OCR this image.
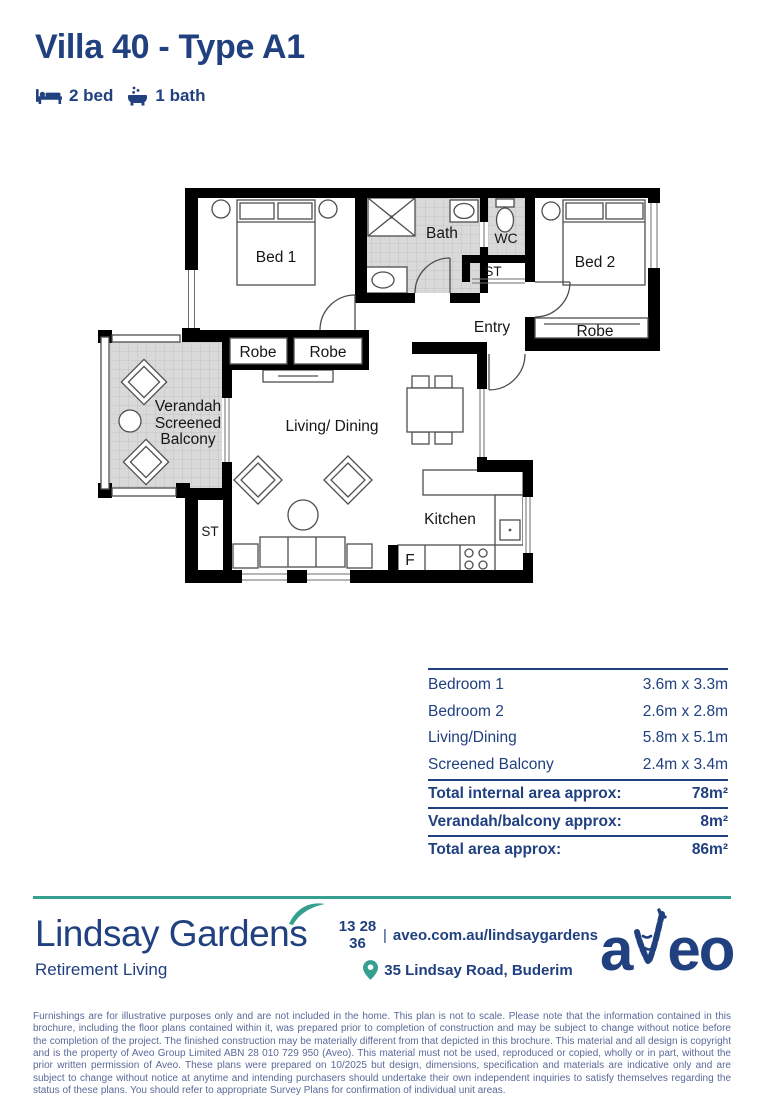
Villa 40 - Type A1
2 bed 1 bath
Bed 1
Bath	WC
ST
Bed 2
Entry	Robe
Robe Robe
Verandah
Screened
Balcony
Living/ Dining
Kitchen
ST
F
Bedroom 1	3.6m x 3.3m
Bedroom 2	2.6m x 2.8m
Living/Dining	5.8m x 5.1m
Screened Balcony	2.4m x 3.4m
Total internal area approx:	78m²
Verandah/balcony approx:	8m²
Total area approx:	86m²
Lindsay Gardens
Retirement Living
13 28 36	| aveo.com.au/lindsaygardens
35 Lindsay Road, Buderim a eo
Furnishings are for illustrative purposes only and are not included in the home. This plan is not to scale. Please note that the information contained in this brochure, including the floor plans contained within it, was prepared prior to completion of construction and may be subject to change without notice before the completion of the project. The finished construction may be materially different from that depicted in this brochure. This material and all design is copyright and is the property of Aveo Group Limited ABN 28 010 729 950 (Aveo). This material must not be used, reproduced or copied, wholly or in part, without the prior written permission of Aveo. These plans were prepared on 10/2025 but design, dimensions, specification and materials are indicative only and are subject to change without notice at anytime and intending purchasers should undertake their own independent inquiries to satisfy themselves regarding the status of these plans. You should refer to appropriate Survey Plans for confirmation of individual unit areas.
